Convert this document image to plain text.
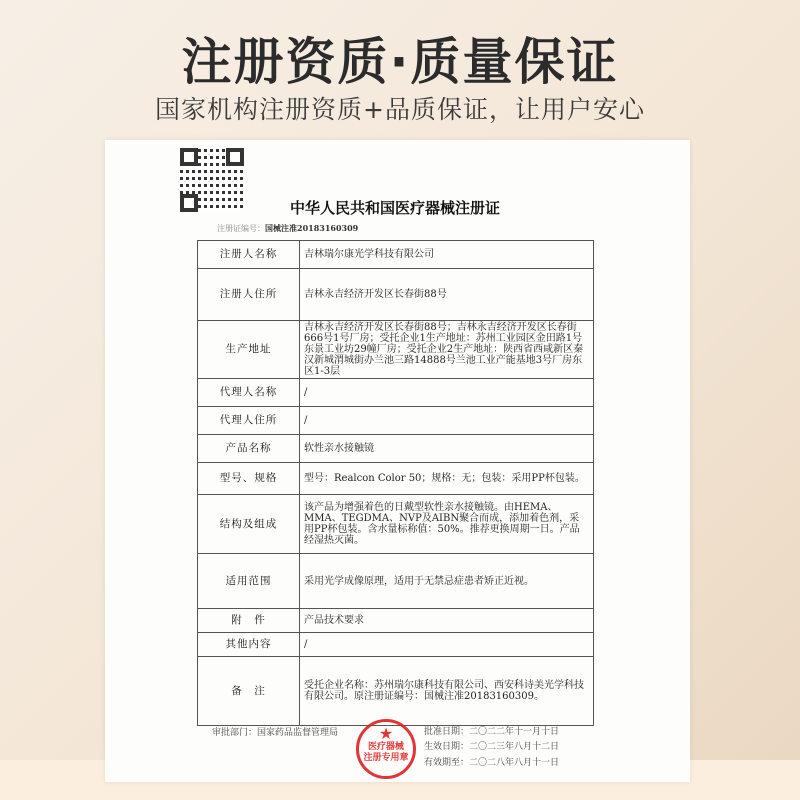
注册资质·质量保证
国家机构注册资质+品质保证，让用户安心
中华人民共和国医疗器械注册证
注册证编号：国械注准20183160309
注册人名称	吉林瑞尔康光学科技有限公司
注册人住所	吉林永吉经济开发区长春街88号
生产地址	吉林永吉经济开发区长春街88号；吉林永吉经济开发区长春街666号1号厂房；受托企业1生产地址：苏州工业园区金田路1号东景工业坊29幢厂房；受托企业2生产地址：陕西省西咸新区秦汉新城渭城街办兰池三路14888号兰池工业产能基地3号厂房东区1-3层
代理人名称	/
代理人住所	/
产品名称	软性亲水接触镜
型号、规格	型号：Realcon Color 50；规格：无；包装：采用PP杯包装。
结构及组成	该产品为增强着色的日戴型软性亲水接触镜。由HEMA、MMA、TEGDMA、NVP及AIBN聚合而成，添加着色剂，采用PP杯包装。含水量标称值：50%。推荐更换周期一日。产品经湿热灭菌。
适用范围	采用光学成像原理，适用于无禁忌症患者矫正近视。
附　件	产品技术要求
其他内容	/
备　注	受托企业名称：苏州瑞尔康科技有限公司、西安科诗美光学科技有限公司。原注册证编号：国械注准20183160309。
审批部门：国家药品监督管理局	批准日期：二〇二二年十一月十日
生效日期：二〇二三年八月十二日
有效期至：二〇二八年八月十一日
★
医疗器械
注册专用章
